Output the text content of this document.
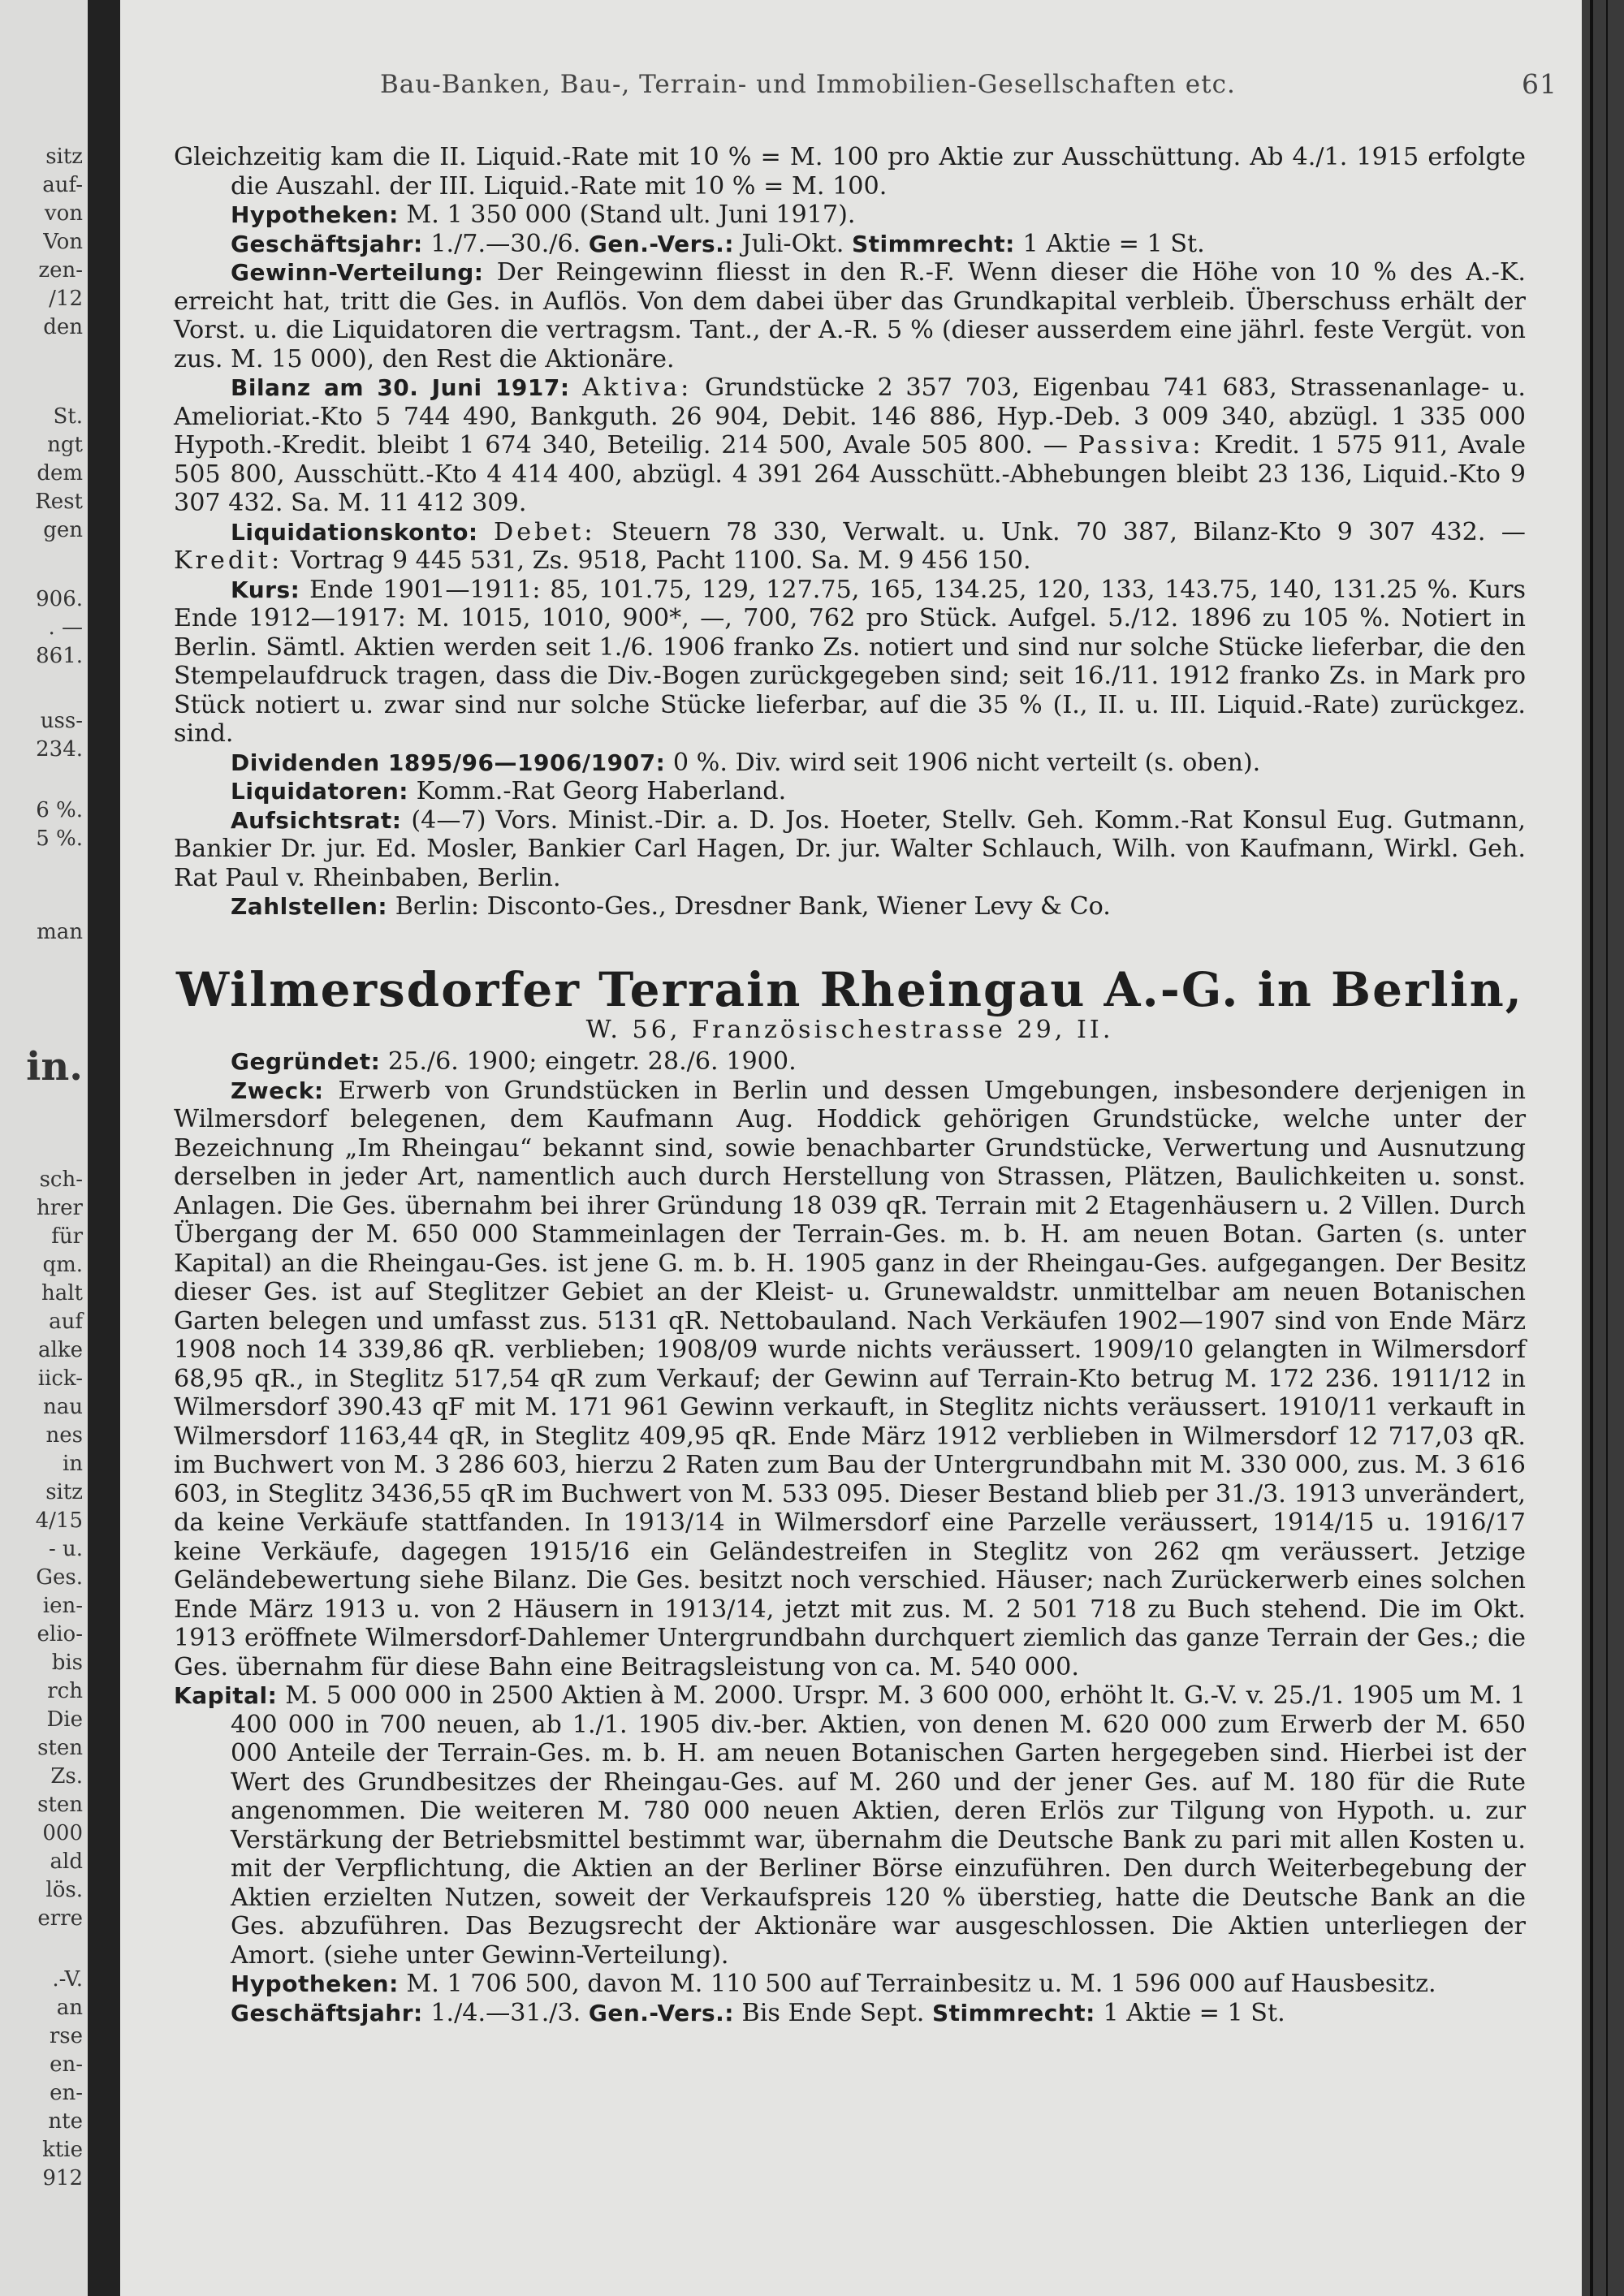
sitz
auf-
von
Von
zen-
/12
den
St.
ngt
dem
Rest
gen
906.
. —
861.
uss-
234.
6 %.
5 %.
man
in.
sch-
hrer
für
qm.
halt
auf
alke
iick-
nau
nes
in
sitz
4/15
- u.
Ges.
ien-
elio-
bis
rch
Die
sten
Zs.
sten
000
ald
lös.
erre
.-V.
an
rse
en-
en-
nte
ktie
912
Bau-Banken, Bau-, Terrain- und Immobilien-Gesellschaften etc.	61

Gleichzeitig kam die II. Liquid.-Rate mit 10 % = M. 100 pro Aktie zur Ausschüttung. Ab 4./1. 1915 erfolgte die Auszahl. der III. Liquid.-Rate mit 10 % = M. 100.

Hypotheken: M. 1 350 000 (Stand ult. Juni 1917).

Geschäftsjahr: 1./7.—30./6. Gen.-Vers.: Juli-Okt. Stimmrecht: 1 Aktie = 1 St.

Gewinn-Verteilung: Der Reingewinn fliesst in den R.-F. Wenn dieser die Höhe von 10 % des A.-K. erreicht hat, tritt die Ges. in Auflös. Von dem dabei über das Grundkapital verbleib. Überschuss erhält der Vorst. u. die Liquidatoren die vertragsm. Tant., der A.-R. 5 % (dieser ausserdem eine jährl. feste Vergüt. von zus. M. 15 000), den Rest die Aktionäre.

Bilanz am 30. Juni 1917: Aktiva: Grundstücke 2 357 703, Eigenbau 741 683, Strassenanlage- u. Amelioriat.-Kto 5 744 490, Bankguth. 26 904, Debit. 146 886, Hyp.-Deb. 3 009 340, abzügl. 1 335 000 Hypoth.-Kredit. bleibt 1 674 340, Beteilig. 214 500, Avale 505 800. — Passiva: Kredit. 1 575 911, Avale 505 800, Ausschütt.-Kto 4 414 400, abzügl. 4 391 264 Ausschütt.-Abhebungen bleibt 23 136, Liquid.-Kto 9 307 432. Sa. M. 11 412 309.

Liquidationskonto: Debet: Steuern 78 330, Verwalt. u. Unk. 70 387, Bilanz-Kto 9 307 432. — Kredit: Vortrag 9 445 531, Zs. 9518, Pacht 1100. Sa. M. 9 456 150.

Kurs: Ende 1901—1911: 85, 101.75, 129, 127.75, 165, 134.25, 120, 133, 143.75, 140, 131.25 %. Kurs Ende 1912—1917: M. 1015, 1010, 900*, —, 700, 762 pro Stück. Aufgel. 5./12. 1896 zu 105 %. Notiert in Berlin. Sämtl. Aktien werden seit 1./6. 1906 franko Zs. notiert und sind nur solche Stücke lieferbar, die den Stempelaufdruck tragen, dass die Div.-Bogen zurückgegeben sind; seit 16./11. 1912 franko Zs. in Mark pro Stück notiert u. zwar sind nur solche Stücke lieferbar, auf die 35 % (I., II. u. III. Liquid.-Rate) zurückgez. sind.

Dividenden 1895/96—1906/1907: 0 %. Div. wird seit 1906 nicht verteilt (s. oben).

Liquidatoren: Komm.-Rat Georg Haberland.

Aufsichtsrat: (4—7) Vors. Minist.-Dir. a. D. Jos. Hoeter, Stellv. Geh. Komm.-Rat Konsul Eug. Gutmann, Bankier Dr. jur. Ed. Mosler, Bankier Carl Hagen, Dr. jur. Walter Schlauch, Wilh. von Kaufmann, Wirkl. Geh. Rat Paul v. Rheinbaben, Berlin.

Zahlstellen: Berlin: Disconto-Ges., Dresdner Bank, Wiener Levy & Co.

Wilmersdorfer Terrain Rheingau A.-G. in Berlin,

W. 56, Französischestrasse 29, II.

Gegründet: 25./6. 1900; eingetr. 28./6. 1900.

Zweck: Erwerb von Grundstücken in Berlin und dessen Umgebungen, insbesondere derjenigen in Wilmersdorf belegenen, dem Kaufmann Aug. Hoddick gehörigen Grundstücke, welche unter der Bezeichnung „Im Rheingau“ bekannt sind, sowie benachbarter Grundstücke, Verwertung und Ausnutzung derselben in jeder Art, namentlich auch durch Herstellung von Strassen, Plätzen, Baulichkeiten u. sonst. Anlagen. Die Ges. übernahm bei ihrer Gründung 18 039 qR. Terrain mit 2 Etagenhäusern u. 2 Villen. Durch Übergang der M. 650 000 Stammeinlagen der Terrain-Ges. m. b. H. am neuen Botan. Garten (s. unter Kapital) an die Rheingau-Ges. ist jene G. m. b. H. 1905 ganz in der Rheingau-Ges. aufgegangen. Der Besitz dieser Ges. ist auf Steglitzer Gebiet an der Kleist- u. Grunewaldstr. unmittelbar am neuen Botanischen Garten belegen und umfasst zus. 5131 qR. Nettobauland. Nach Verkäufen 1902—1907 sind von Ende März 1908 noch 14 339,86 qR. verblieben; 1908/09 wurde nichts veräussert. 1909/10 gelangten in Wilmersdorf 68,95 qR., in Steglitz 517,54 qR zum Verkauf; der Gewinn auf Terrain-Kto betrug M. 172 236. 1911/12 in Wilmersdorf 390.43 qF mit M. 171 961 Gewinn verkauft, in Steglitz nichts veräussert. 1910/11 verkauft in Wilmersdorf 1163,44 qR, in Steglitz 409,95 qR. Ende März 1912 verblieben in Wilmersdorf 12 717,03 qR. im Buchwert von M. 3 286 603, hierzu 2 Raten zum Bau der Untergrundbahn mit M. 330 000, zus. M. 3 616 603, in Steglitz 3436,55 qR im Buchwert von M. 533 095. Dieser Bestand blieb per 31./3. 1913 unverändert, da keine Verkäufe stattfanden. In 1913/14 in Wilmersdorf eine Parzelle veräussert, 1914/15 u. 1916/17 keine Verkäufe, dagegen 1915/16 ein Geländestreifen in Steglitz von 262 qm veräussert. Jetzige Geländebewertung siehe Bilanz. Die Ges. besitzt noch verschied. Häuser; nach Zurückerwerb eines solchen Ende März 1913 u. von 2 Häusern in 1913/14, jetzt mit zus. M. 2 501 718 zu Buch stehend. Die im Okt. 1913 eröffnete Wilmersdorf-Dahlemer Untergrundbahn durchquert ziemlich das ganze Terrain der Ges.; die Ges. übernahm für diese Bahn eine Beitragsleistung von ca. M. 540 000.

Kapital: M. 5 000 000 in 2500 Aktien à M. 2000. Urspr. M. 3 600 000, erhöht lt. G.-V. v. 25./1. 1905 um M. 1 400 000 in 700 neuen, ab 1./1. 1905 div.-ber. Aktien, von denen M. 620 000 zum Erwerb der M. 650 000 Anteile der Terrain-Ges. m. b. H. am neuen Botanischen Garten hergegeben sind. Hierbei ist der Wert des Grundbesitzes der Rheingau-Ges. auf M. 260 und der jener Ges. auf M. 180 für die Rute angenommen. Die weiteren M. 780 000 neuen Aktien, deren Erlös zur Tilgung von Hypoth. u. zur Verstärkung der Betriebsmittel bestimmt war, übernahm die Deutsche Bank zu pari mit allen Kosten u. mit der Verpflichtung, die Aktien an der Berliner Börse einzuführen. Den durch Weiterbegebung der Aktien erzielten Nutzen, soweit der Verkaufspreis 120 % überstieg, hatte die Deutsche Bank an die Ges. abzuführen. Das Bezugsrecht der Aktionäre war ausgeschlossen. Die Aktien unterliegen der Amort. (siehe unter Gewinn-Verteilung).

Hypotheken: M. 1 706 500, davon M. 110 500 auf Terrainbesitz u. M. 1 596 000 auf Hausbesitz.

Geschäftsjahr: 1./4.—31./3. Gen.-Vers.: Bis Ende Sept. Stimmrecht: 1 Aktie = 1 St.
